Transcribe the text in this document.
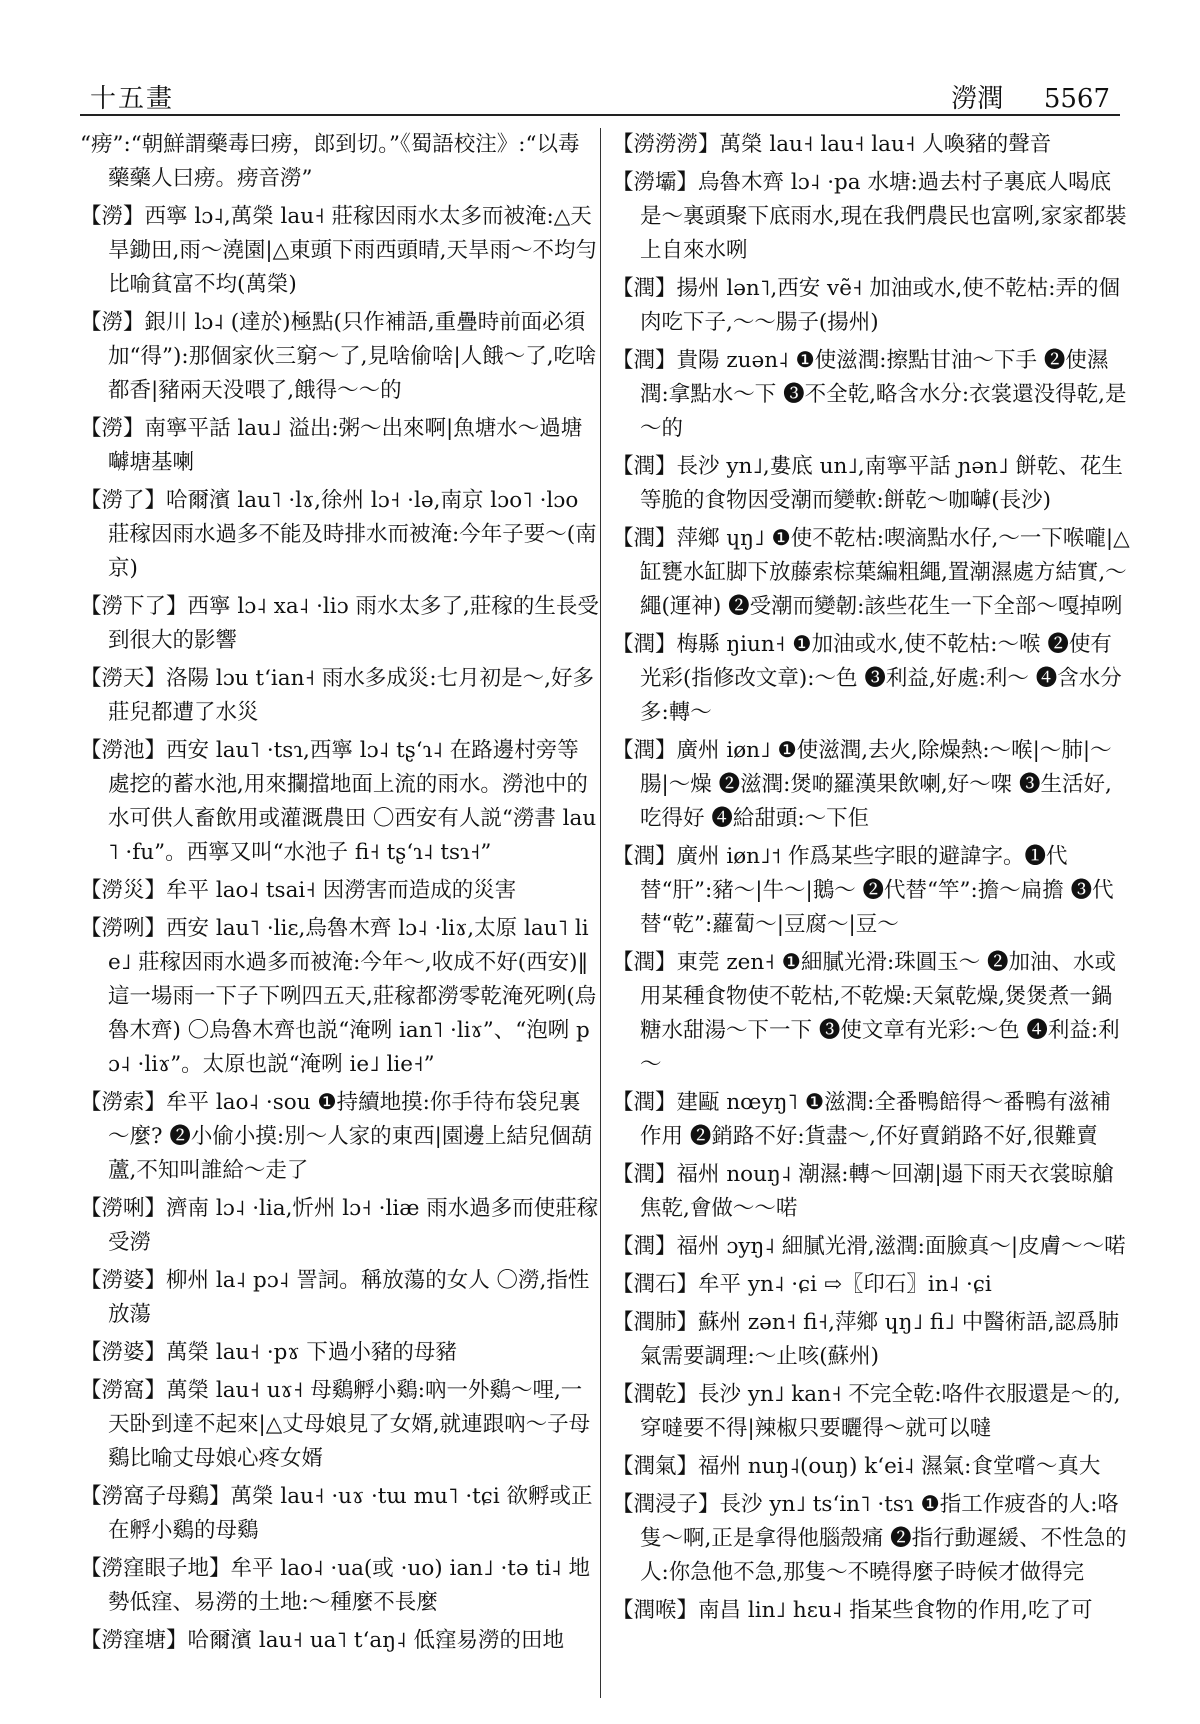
十五畫	澇潤 5567

“痨”:“朝鮮謂藥毒曰痨，郎到切。”《蜀語校注》:“以毒藥藥人曰痨。痨音澇”

【澇】西寧 lɔ˨,萬榮 lau˧ 莊稼因雨水太多而被淹:△天旱鋤田,雨～澆園|△東頭下雨西頭晴,天旱雨～不均勻比喻貧富不均(萬榮)

【澇】銀川 lɔ˨ (達於)極點(只作補語,重疊時前面必須加“得”):那個家伙三窮～了,見啥偷啥|人餓～了,吃啥都香|豬兩天没喂了,餓得～～的

【澇】南寧平話 lau˩ 溢出:粥～出來啊|魚塘水～過塘嚹塘基喇

【澇了】哈爾濱 lau˥ ·lɤ,徐州 lɔ˧ ·lə,南京 lɔo˥ ·lɔo 莊稼因雨水過多不能及時排水而被淹:今年子要～(南京)

【澇下了】西寧 lɔ˨ xa˨ ·liɔ 雨水太多了,莊稼的生長受到很大的影響

【澇天】洛陽 lɔu tʻian˧ 雨水多成災:七月初是～,好多莊兒都遭了水災

【澇池】西安 lau˥ ·tsɿ,西寧 lɔ˨ tʂʻɿ˨ 在路邊村旁等處挖的蓄水池,用來攔擋地面上流的雨水。澇池中的水可供人畜飲用或灌溉農田 〇西安有人説“澇書 lau˥ ·fu”。西寧又叫“水池子 fi˧ tʂʻɿ˨ tsɿ˧”

【澇災】牟平 lao˨ tsai˧ 因澇害而造成的災害

【澇咧】西安 lau˥ ·liɛ,烏魯木齊 lɔ˨ ·liɤ,太原 lau˥ lie˩ 莊稼因雨水過多而被淹:今年～,收成不好(西安)‖這一場雨一下子下咧四五天,莊稼都澇零乾淹死咧(烏魯木齊) 〇烏魯木齊也説“淹咧 ian˥ ·liɤ”、“泡咧 pɔ˨ ·liɤ”。太原也説“淹咧 ie˩ lie˧”

【澇索】牟平 lao˨ ·sou ❶持續地摸:你手待布袋兒裏～麼? ❷小偷小摸:別～人家的東西|園邊上結兒個葫蘆,不知叫誰給～走了

【澇唎】濟南 lɔ˨ ·lia,忻州 lɔ˧ ·liæ 雨水過多而使莊稼受澇

【澇婆】柳州 la˨ pɔ˨ 詈詞。稱放蕩的女人 〇澇,指性放蕩

【澇婆】萬榮 lau˧ ·pɤ 下過小豬的母豬

【澇窩】萬榮 lau˧ uɤ˧ 母鷄孵小鷄:吶一外鷄～哩,一天卧到達不起來|△丈母娘見了女婿,就連跟吶～子母鷄比喻丈母娘心疼女婿

【澇窩子母鷄】萬榮 lau˧ ·uɤ ·tɯ mu˥ ·tɕi 欲孵或正在孵小鷄的母鷄

【澇窪眼子地】牟平 lao˨ ·ua(或 ·uo) ian˩ ·tə ti˨ 地勢低窪、易澇的土地:～種麼不長麼

【澇窪塘】哈爾濱 lau˧ ua˥ tʻaŋ˨ 低窪易澇的田地

【澇澇澇】萬榮 lau˧ lau˧ lau˧ 人喚豬的聲音

【澇壩】烏魯木齊 lɔ˨ ·pa 水塘:過去村子裏底人喝底是～裏頭聚下底雨水,現在我們農民也富咧,家家都裝上自來水咧

【潤】揚州 lən˥,西安 vẽ˧ 加油或水,使不乾枯:弄的個肉吃下子,～～腸子(揚州)

【潤】貴陽 zuən˨ ❶使滋潤:擦點甘油～下手 ❷使濕潤:拿點水～下 ❸不全乾,略含水分:衣裳還没得乾,是～的

【潤】長沙 yn˩,婁底 un˩,南寧平話 ɲən˩ 餅乾、花生等脆的食物因受潮而變軟:餅乾～咖嚹(長沙)

【潤】萍鄉 ɥŋ˩ ❶使不乾枯:喫滴點水仔,～一下喉嚨|△缸甕水缸脚下放藤索棕葉編粗繩,置潮濕處方結實,～繩(運神) ❷受潮而變韌:該些花生一下全部～嘎掉咧

【潤】梅縣 ŋiun˧ ❶加油或水,使不乾枯:～喉 ❷使有光彩(指修改文章):～色 ❸利益,好處:利～ ❹含水分多:轉～

【潤】廣州 iøn˩ ❶使滋潤,去火,除燥熱:～喉|～肺|～腸|～燥 ❷滋潤:煲啲羅漢果飲喇,好～㗎 ❸生活好,吃得好 ❹給甜頭:～下佢

【潤】廣州 iøn˩˦ 作爲某些字眼的避諱字。❶代替“肝”:豬～|牛～|鵝～ ❷代替“竿”:擔～扁擔 ❸代替“乾”:蘿蔔～|豆腐～|豆～

【潤】東莞 zen˧ ❶細膩光滑:珠圓玉～ ❷加油、水或用某種食物使不乾枯,不乾燥:天氣乾燥,煲煲煮一鍋糖水甜湯～下一下 ❸使文章有光彩:～色 ❹利益:利～

【潤】建甌 nœyŋ˥ ❶滋潤:全番鴨餢得～番鴨有滋補作用 ❷銷路不好:貨盡～,伓好賣銷路不好,很難賣

【潤】福州 nouŋ˨ 潮濕:轉～回潮|遢下雨天衣裳晾艙焦乾,會做～～喏

【潤】福州 ɔyŋ˨ 細膩光滑,滋潤:面臉真～|皮膚～～喏

【潤石】牟平 yn˨ ·ɕi ⇨〖印石〗in˨ ·ɕi

【潤肺】蘇州 zən˧ fi˧,萍鄉 ɥŋ˩ fi˩ 中醫術語,認爲肺氣需要調理:～止咳(蘇州)

【潤乾】長沙 yn˩ kan˧ 不完全乾:咯件衣服還是～的,穿噠要不得|辣椒只要曬得～就可以噠

【潤氣】福州 nuŋ˨(ouŋ) kʻei˨ 濕氣:食堂嚐～真大

【潤浸子】長沙 yn˩ tsʻin˥ ·tsɿ ❶指工作疲沓的人:咯隻～啊,正是拿得他腦殼痛 ❷指行動遲緩、不性急的人:你急他不急,那隻～不曉得麼子時候才做得完

【潤喉】南昌 lin˩ hɛu˨ 指某些食物的作用,吃了可
